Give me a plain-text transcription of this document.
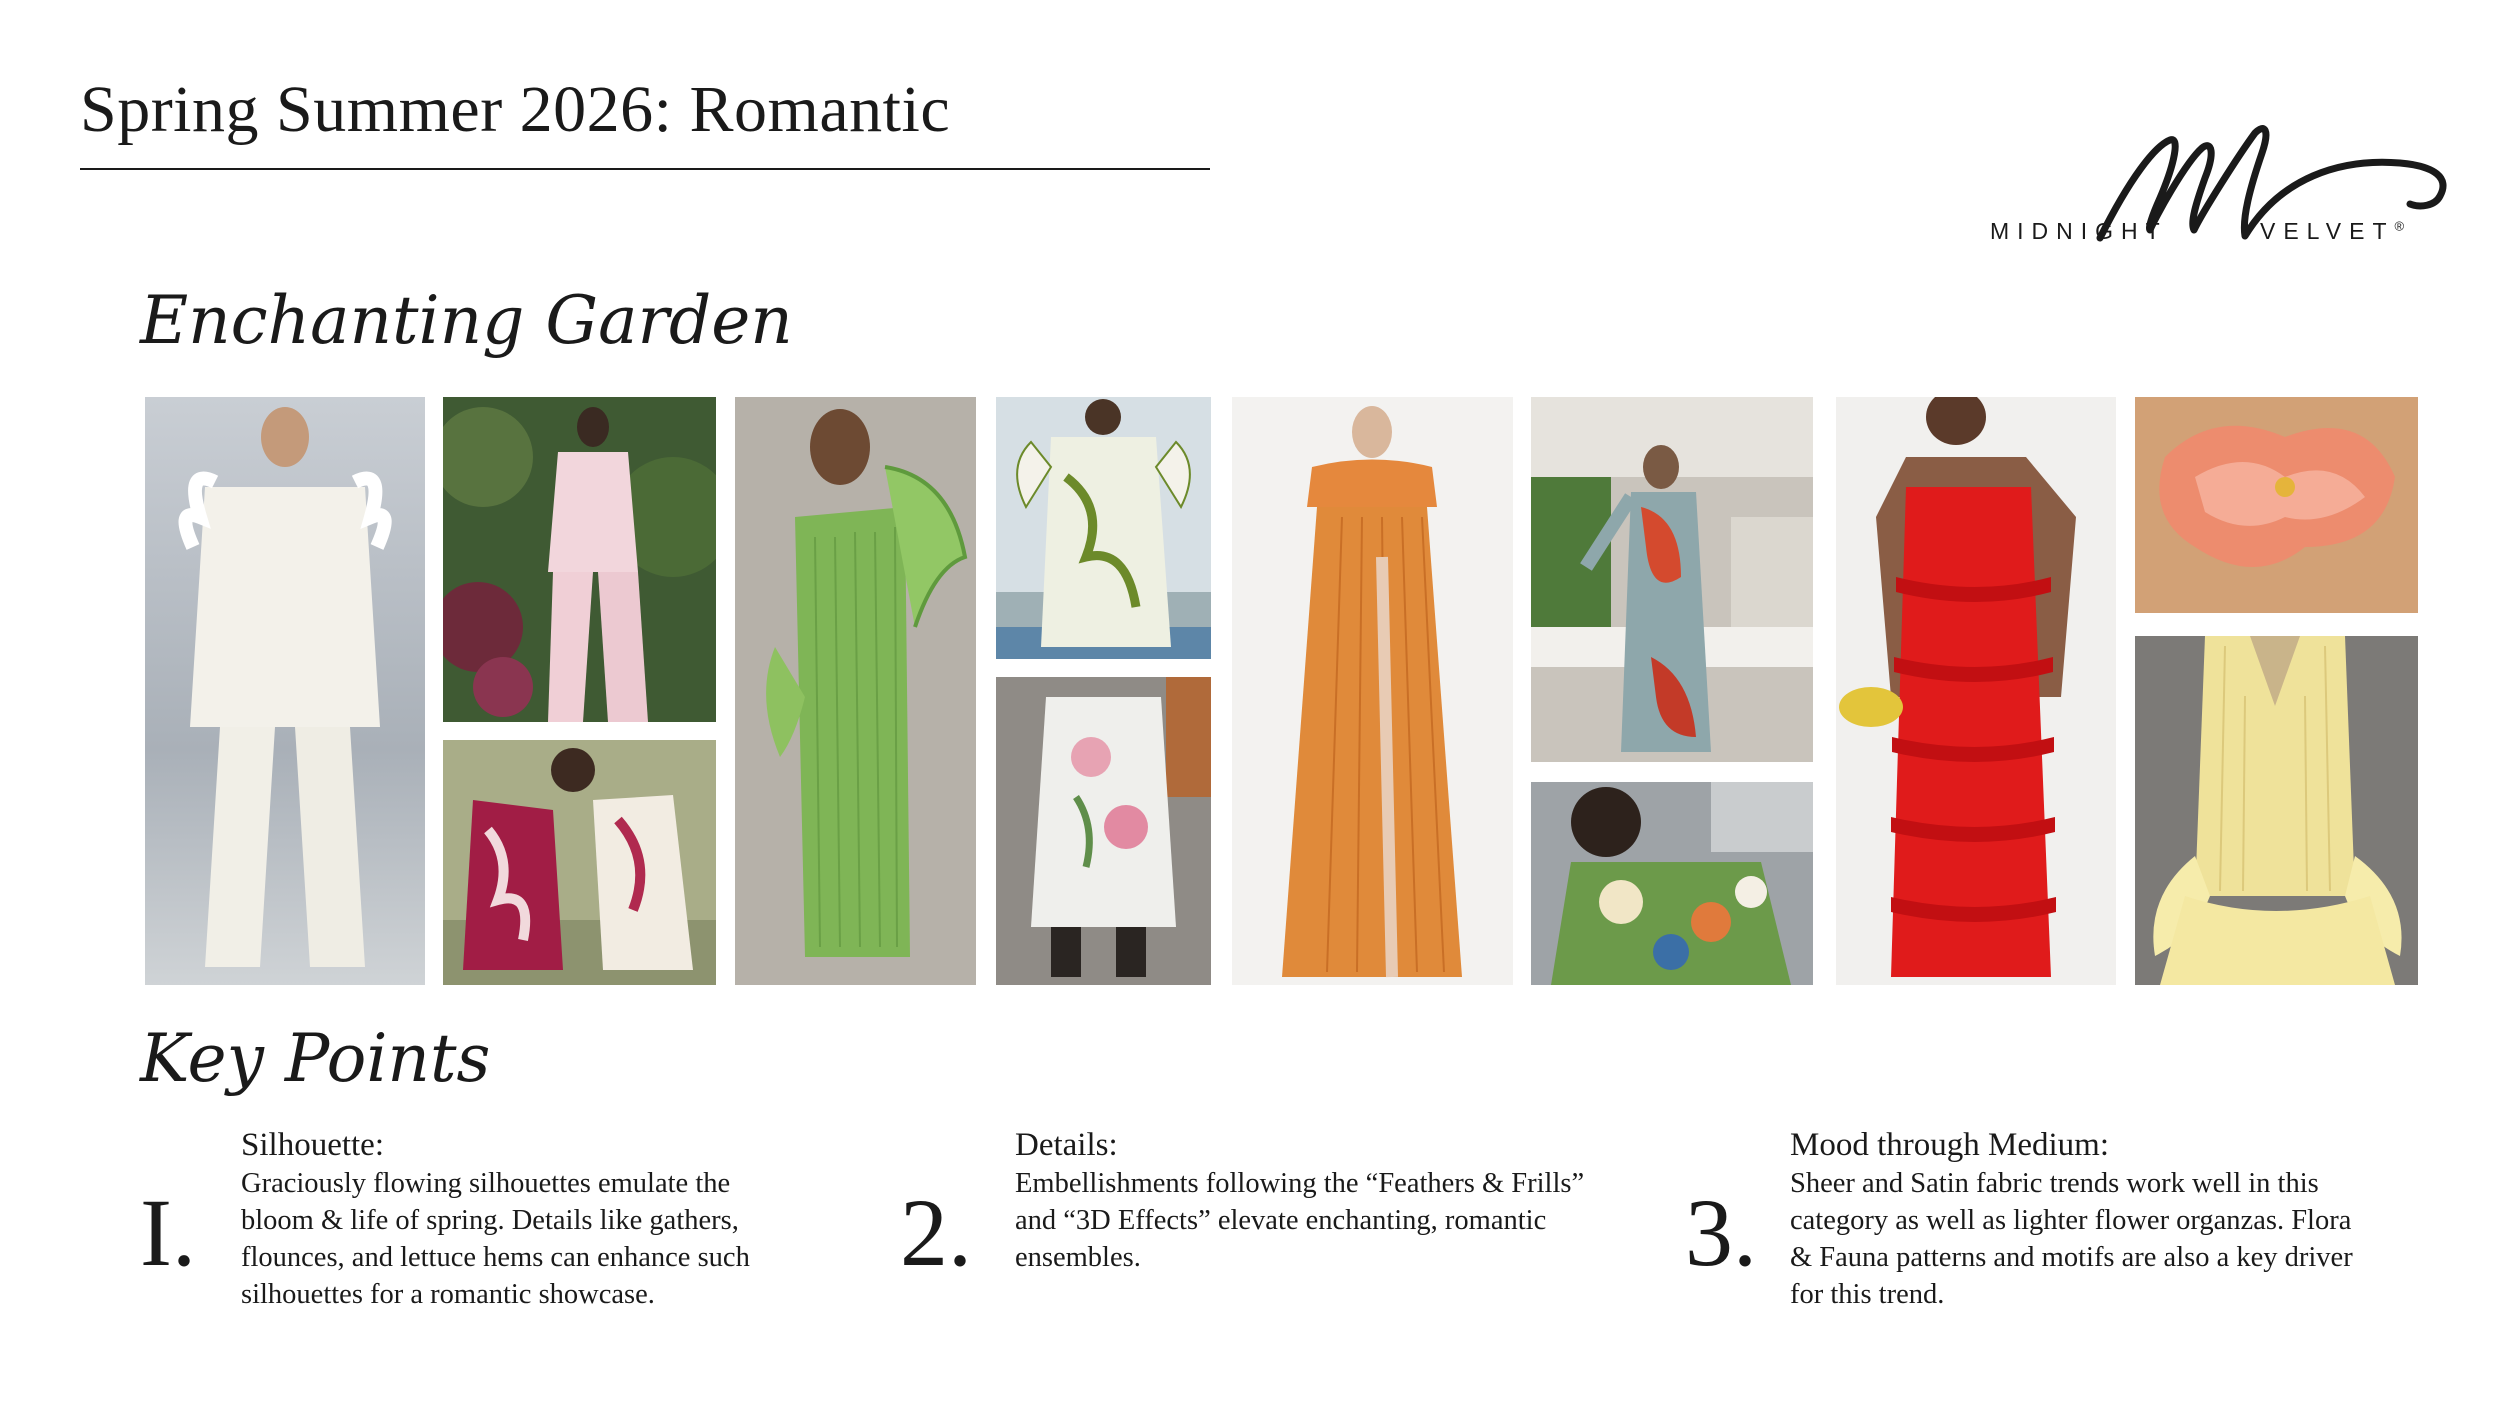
Spring Summer 2026: Romantic
MIDNIGHT	VELVET®
Enchanting Garden
Key Points
I.
Silhouette:
Graciously flowing silhouettes emulate the
bloom & life of spring. Details like gathers,
flounces, and lettuce hems can enhance such
silhouettes for a romantic showcase.
2.
Details:
Embellishments following the “Feathers & Frills”
and “3D Effects” elevate enchanting, romantic
ensembles.	3.
Mood through Medium:
Sheer and Satin fabric trends work well in this
category as well as lighter flower organzas. Flora
& Fauna patterns and motifs are also a key driver
for this trend.
